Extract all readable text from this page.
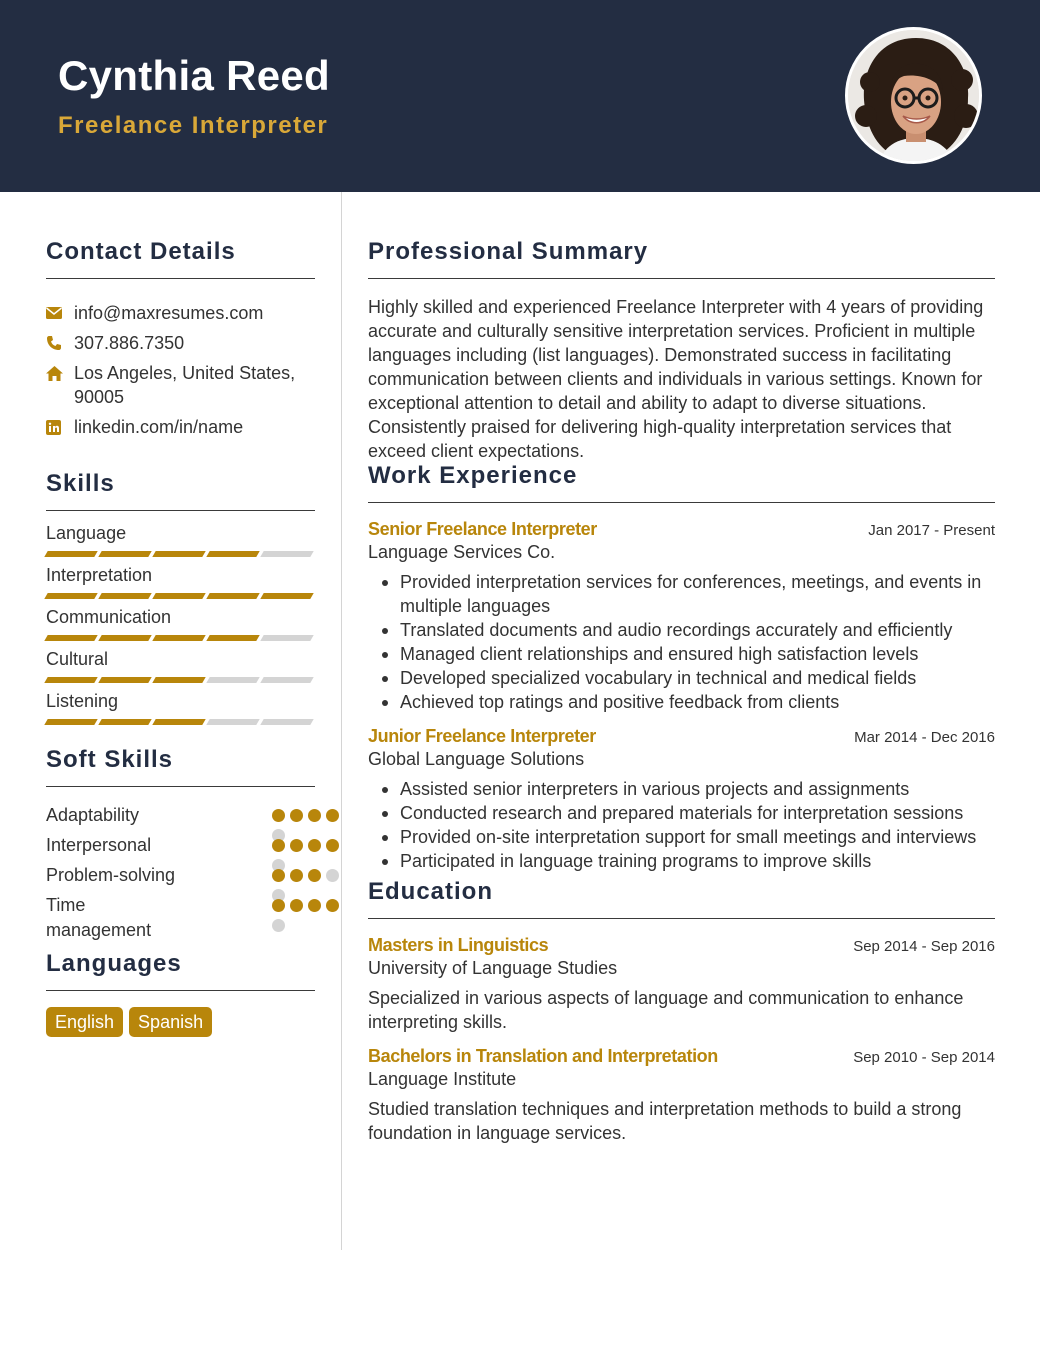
Cynthia Reed
Freelance Interpreter
Contact Details
info@maxresumes.com
307.886.7350
Los Angeles, United States, 90005
linkedin.com/in/name
Skills
Language
Interpretation
Communication
Cultural
Listening
Soft Skills
Adaptability
Interpersonal
Problem-solving
Time management
Languages
English	Spanish
Professional Summary
Highly skilled and experienced Freelance Interpreter with 4 years of providing accurate and culturally sensitive interpretation services. Proficient in multiple languages including (list languages). Demonstrated success in facilitating communication between clients and individuals in various settings. Known for exceptional attention to detail and ability to adapt to diverse situations. Consistently praised for delivering high-quality interpretation services that exceed client expectations.
Work Experience
Senior Freelance Interpreter	Jan 2017 - Present
Language Services Co.
Provided interpretation services for conferences, meetings, and events in multiple languages
Translated documents and audio recordings accurately and efficiently
Managed client relationships and ensured high satisfaction levels
Developed specialized vocabulary in technical and medical fields
Achieved top ratings and positive feedback from clients
Junior Freelance Interpreter	Mar 2014 - Dec 2016
Global Language Solutions
Assisted senior interpreters in various projects and assignments
Conducted research and prepared materials for interpretation sessions
Provided on-site interpretation support for small meetings and interviews
Participated in language training programs to improve skills
Education
Masters in Linguistics	Sep 2014 - Sep 2016
University of Language Studies
Specialized in various aspects of language and communication to enhance interpreting skills.
Bachelors in Translation and Interpretation	Sep 2010 - Sep 2014
Language Institute
Studied translation techniques and interpretation methods to build a strong foundation in language services.
